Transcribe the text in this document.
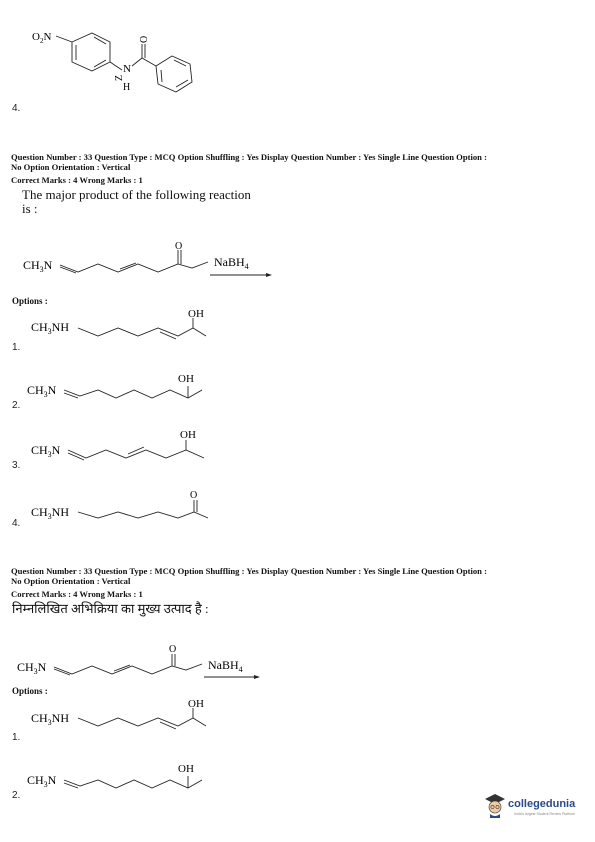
$O_2N$
N
Z
H
O
4.
Question Number : 33 Question Type : MCQ Option Shuffling : Yes Display Question Number : Yes Single Line Question Option :
No Option Orientation : Vertical
Correct Marks : 4 Wrong Marks : 1
The major product of the following reaction
is :
$CH_3N$
O
NaBH$_4$
Options :
$CH_3NH$
OH
1.
$CH_3N$
OH
2.
$CH_3N$
OH
3.
$CH_3NH$
O
4.
Question Number : 33 Question Type : MCQ Option Shuffling : Yes Display Question Number : Yes Single Line Question Option :
No Option Orientation : Vertical
Correct Marks : 4 Wrong Marks : 1
निम्नलिखित अभिक्रिया का मुख्य उत्पाद है :
$CH_3N$
O
NaBH$_4$
Options :
$CH_3NH$
OH
1.
$CH_3N$
OH
2.
collegedunia
India's largest Student Review Platform
